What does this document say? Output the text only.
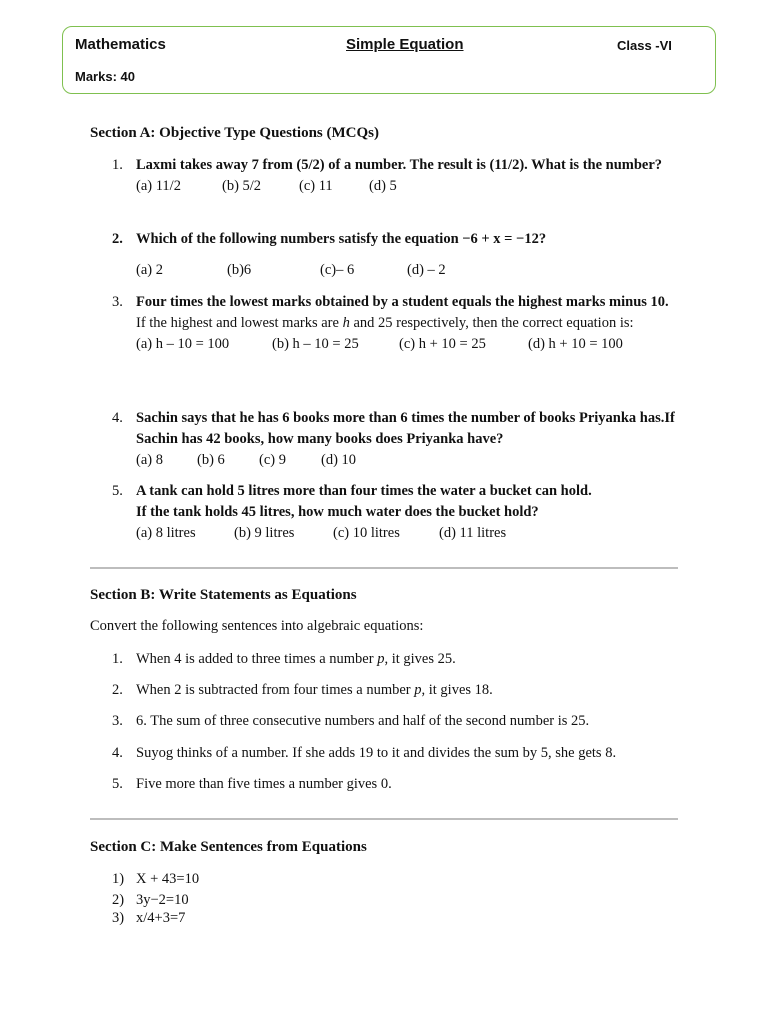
Mathematics	Simple Equation	Class -VI
Marks: 40
Section A: Objective Type Questions (MCQs)
1. Laxmi takes away 7 from (5/2) of a number. The result is (11/2). What is the number?
(a) 11/2	(b) 5/2	(c) 11	(d) 5
2. Which of the following numbers satisfy the equation −6 + x = −12?
(a) 2	(b)6	(c)– 6	(d) – 2
3. Four times the lowest marks obtained by a student equals the highest marks minus 10.
If the highest and lowest marks are h and 25 respectively, then the correct equation is:
(a) h – 10 = 100	(b) h – 10 = 25	(c) h + 10 = 25	(d) h + 10 = 100
4. Sachin says that he has 6 books more than 6 times the number of books Priyanka has.If Sachin has 42 books, how many books does Priyanka have?
(a) 8 (b) 6 (c) 9 (d) 10
5. A tank can hold 5 litres more than four times the water a bucket can hold.
If the tank holds 45 litres, how much water does the bucket hold?
(a) 8 litres	(b) 9 litres	(c) 10 litres	(d) 11 litres
Section B: Write Statements as Equations
Convert the following sentences into algebraic equations:
1. When 4 is added to three times a number p, it gives 25.
2. When 2 is subtracted from four times a number p, it gives 18.
3. 6. The sum of three consecutive numbers and half of the second number is 25.
4. Suyog thinks of a number. If she adds 19 to it and divides the sum by 5, she gets 8.
5. Five more than five times a number gives 0.
Section C: Make Sentences from Equations
1) X + 43=10
2) 3y−2=10
3) x/4+3=7
